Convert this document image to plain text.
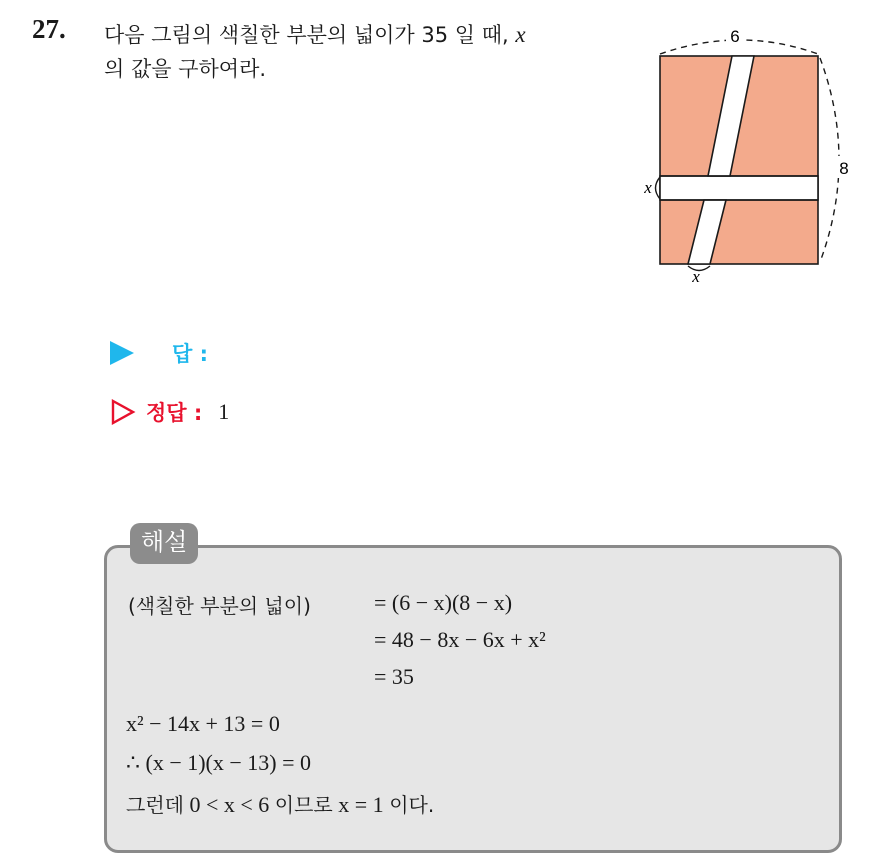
27. 다음 그림의 색칠한 부분의 넓이가 35 일 때, x
의 값을 구하여라.
6
8
x
x
답 :
정답 : 1
해설
(색칠한 부분의 넓이)	= (6 − x)(8 − x)
= 48 − 8x − 6x + x²
= 35
x² − 14x + 13 = 0
∴ (x − 1)(x − 13) = 0
그런데 0 < x < 6 이므로 x = 1 이다.
